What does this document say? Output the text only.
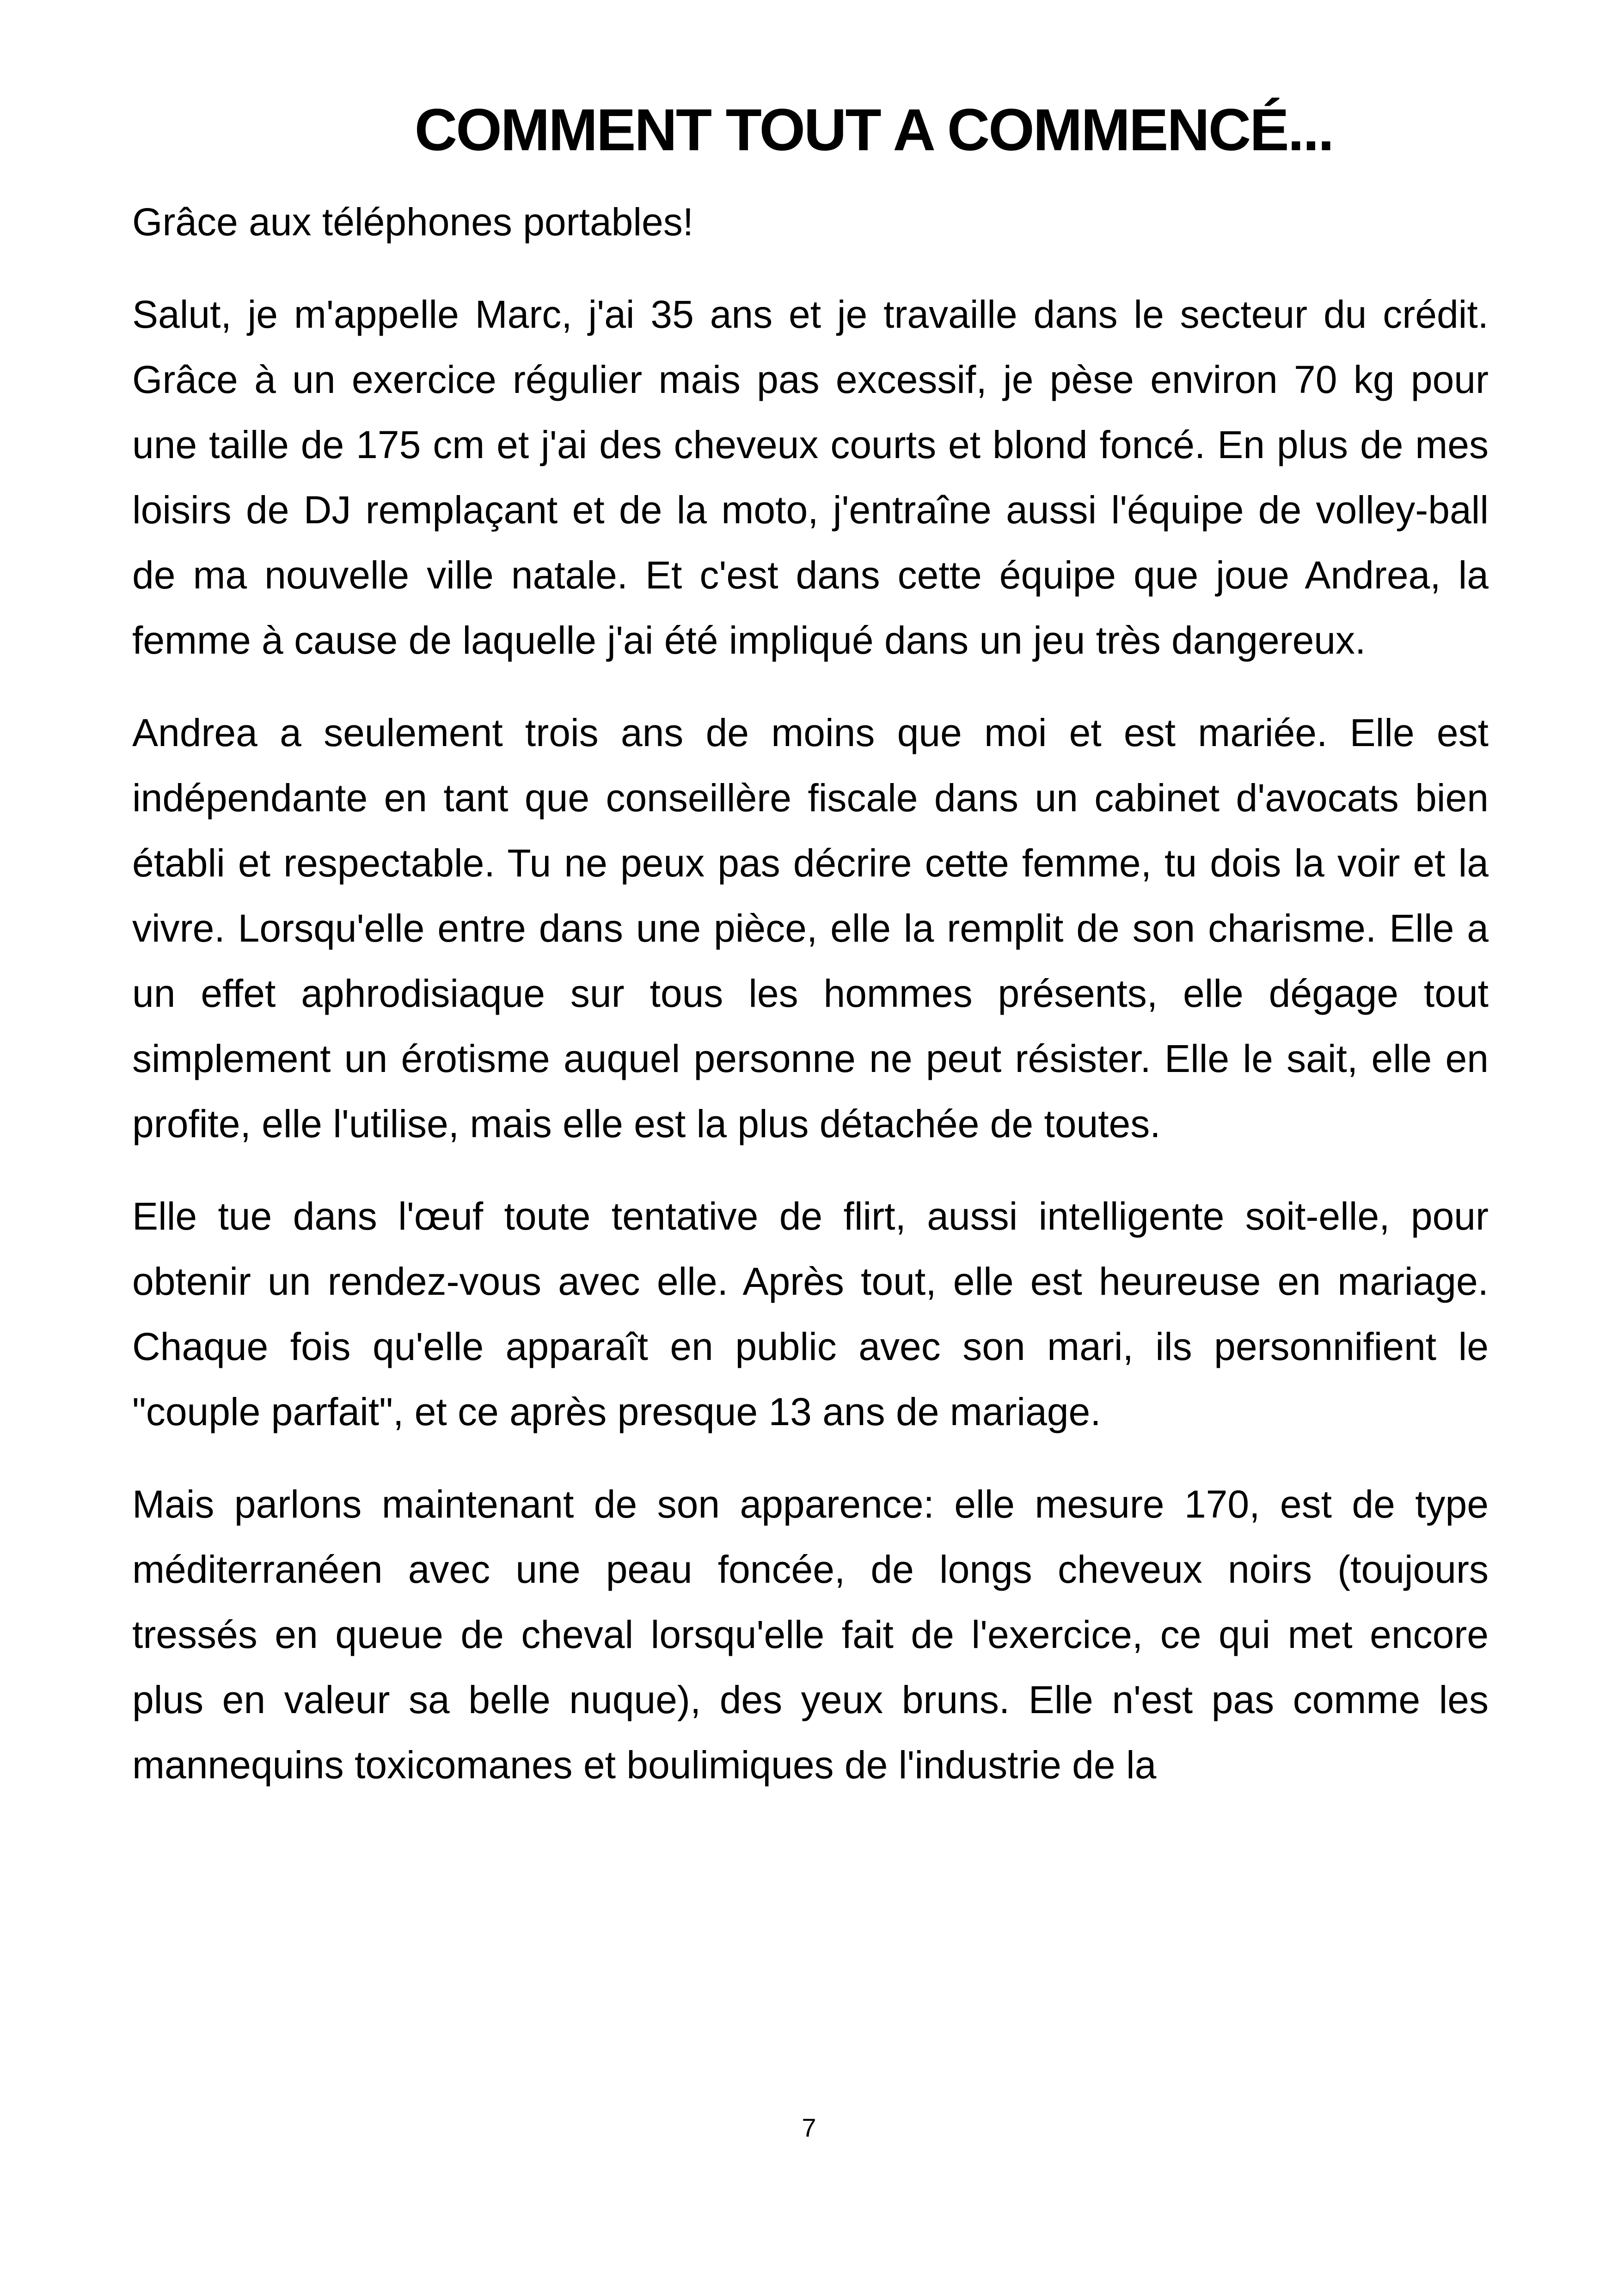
COMMENT TOUT A COMMENCÉ...

Grâce aux téléphones portables!

Salut, je m'appelle Marc, j'ai 35 ans et je travaille dans le secteur du crédit. Grâce à un exercice régulier mais pas excessif, je pèse environ 70 kg pour une taille de 175 cm et j'ai des cheveux courts et blond foncé. En plus de mes loisirs de DJ remplaçant et de la moto, j'entraîne aussi l'équipe de volley-ball de ma nouvelle ville natale. Et c'est dans cette équipe que joue Andrea, la femme à cause de laquelle j'ai été impliqué dans un jeu très dangereux.

Andrea a seulement trois ans de moins que moi et est mariée. Elle est indépendante en tant que conseillère fiscale dans un cabinet d'avocats bien établi et respectable. Tu ne peux pas décrire cette femme, tu dois la voir et la vivre. Lorsqu'elle entre dans une pièce, elle la remplit de son charisme. Elle a un effet aphrodisiaque sur tous les hommes présents, elle dégage tout simplement un érotisme auquel personne ne peut résister. Elle le sait, elle en profite, elle l'utilise, mais elle est la plus détachée de toutes.

Elle tue dans l'œuf toute tentative de flirt, aussi intelligente soit-elle, pour obtenir un rendez-vous avec elle. Après tout, elle est heureuse en mariage. Chaque fois qu'elle apparaît en public avec son mari, ils personnifient le "couple parfait", et ce après presque 13 ans de mariage.

Mais parlons maintenant de son apparence: elle mesure 170, est de type méditerranéen avec une peau foncée, de longs cheveux noirs (toujours tressés en queue de cheval lorsqu'elle fait de l'exercice, ce qui met encore plus en valeur sa belle nuque), des yeux bruns. Elle n'est pas comme les mannequins toxicomanes et boulimiques de l'industrie de la

7
